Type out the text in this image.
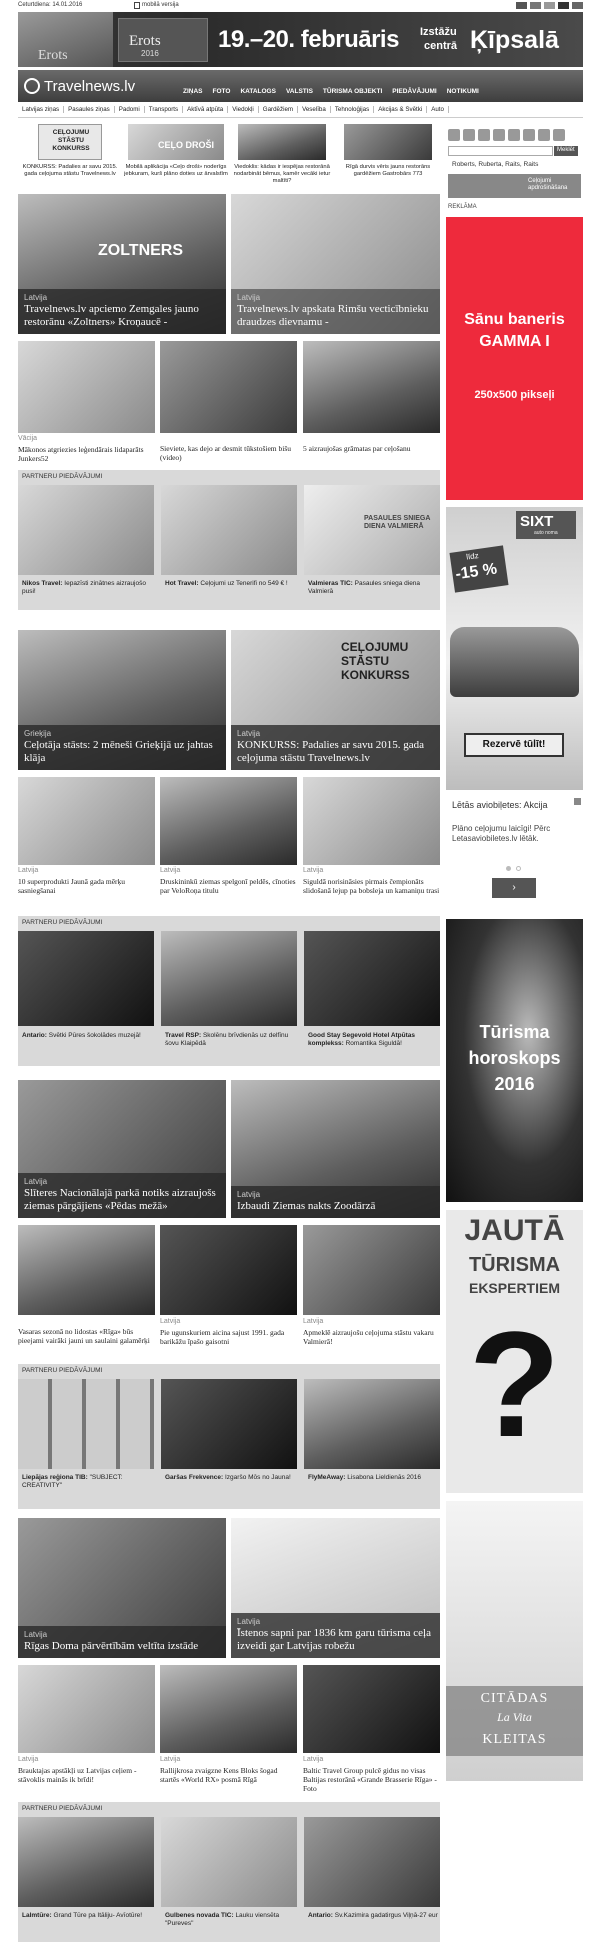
Ceturtdiena: 14.01.2016	mobilā versija
Erots
Erots
2016
19.–20. februāris Izstāžu
centrā Ķīpsalā
Travelnews.lv	ZIŅAS FOTO KATALOGS VALSTIS TŪRISMA OBJEKTI PIEDĀVĀJUMI NOTIKUMI
Latvijas ziņas Pasaules ziņas Padomi Transports Aktīvā atpūta Viedokļi Gardēžiem Veselība Tehnoloģijas Akcijas & Svētki Auto
CEĻOJUMU STĀSTU KONKURSS
KONKURSS: Padalies ar savu 2015. gada ceļojuma stāstu Travelnews.lv
CEĻO DROŠI
Mobilā aplikācija «Ceļo droši» noderīgs jebkuram, kurš plāno doties uz ārvalstīm
Viedoklis: kādas ir iespējas restorānā nodarbināt bēmus, kamēr vecāki ietur maltīti?
Rīgā durvis vēris jauns restorāns gardēžiem Gastrobārs 773
ZOLTNERS
Latvija
Travelnews.lv apciemo Zemgales jauno restorānu «Zoltners» Kroņaucē -
Latvija
Travelnews.lv apskata Rimšu vecticībnieku draudzes dievnamu -
Vācija
Mākonos atgriezies leģendārais lidaparāts Junkers52
Sieviete, kas dejo ar desmit tūkstošiem bišu (video)
5 aizraujošas grāmatas par ceļošanu
PARTNERU PIEDĀVĀJUMI
PASAULES SNIEGA DIENA VALMIERĀ
Nikos Travel: Iepazīsti zinātnes aizraujošo pusi!
Hot Travel: Ceļojumi uz Tenerifi no 549 € !	Valmieras TIC: Pasaules sniega diena Valmierā
Grieķija
Ceļotāja stāsts: 2 mēneši Grieķijā uz jahtas klāja
CEĻOJUMU STĀSTU KONKURSS
Latvija
KONKURSS: Padalies ar savu 2015. gada ceļojuma stāstu Travelnews.lv
Latvija
10 superprodukti Jaunā gada mērķu sasniegšanai
Latvija
Druskininkū ziemas spelgonī peldēs, cīnoties par VeloRoņa titulu
Latvija
Siguldā norisināsies pirmais čempionāts slidošanā lejup pa bobsleja un kamaniņu trasi
PARTNERU PIEDĀVĀJUMI
Antario: Svētki Pūres šokolādes muzejā!	Travel RSP: Skolēnu brīvdienās uz delfīnu šovu Klaipēdā
Good Stay Segevold Hotel Atpūtas komplekss: Romantika Siguldā!
Latvija
Slīteres Nacionālajā parkā notiks aizraujošs ziemas pārgājiens «Pēdas mežā»
Latvija
Izbaudi Ziemas nakts Zoodārzā
Vasaras sezonā no lidostas «Rīga» būs pieejami vairāki jauni un saulaini galamērķi
Latvija
Pie ugunskuriem aicina sajust 1991. gada barikāžu īpašo gaisotni
Latvija
Apmeklē aizraujošu ceļojuma stāstu vakaru Valmierā!
PARTNERU PIEDĀVĀJUMI
Liepājas reģiona TIB: "SUBJECT: CREATIVITY"
Garšas Frekvence: Izgaršo Mōs no Jauna!	FlyMeAway: Lisabona Lieldienās 2016
Latvija
Rīgas Doma pārvērtībām veltīta izstāde
Latvija
Īstenos sapni par 1836 km garu tūrisma ceļa izveidi gar Latvijas robežu
Latvija
Brauktajas apstākļi uz Latvijas ceļiem - stāvoklis mainās ik brīdi!
Latvija
Rallijkrosa zvaigzne Kens Bloks šogad startēs «World RX» posmā Rīgā
Latvija
Baltic Travel Group pulcē gidus no visas Baltijas restorānā «Grande Brasserie Rīga» - Foto
PARTNERU PIEDĀVĀJUMI
Lalmtūre: Grand Tūre pa Itāliju- Avīotūre!	Gulbenes novada TIC: Lauku viensēta "Pureves"
Antario: Sv.Kazimira gadatirgus Viļņā-27 eur
Meklēt
Roberts, Ruberta, Raits, Raits
Ceļojumi apdrošināšana
REKLĀMA
Sānu baneris
GAMMA I
250x500 pikseļi
SIXT
auto noma
līdz
-15 %
Rezervē tūlīt!
Lētās aviobiļetes: Akcija
Plāno ceļojumu laicīgi! Pērc Letasaviobiletes.lv lētāk.
›
Tūrisma horoskops 2016
JAUTĀ
TŪRISMA
EKSPERTIEM
?
CITĀDAS
La Vita
KLEITAS
